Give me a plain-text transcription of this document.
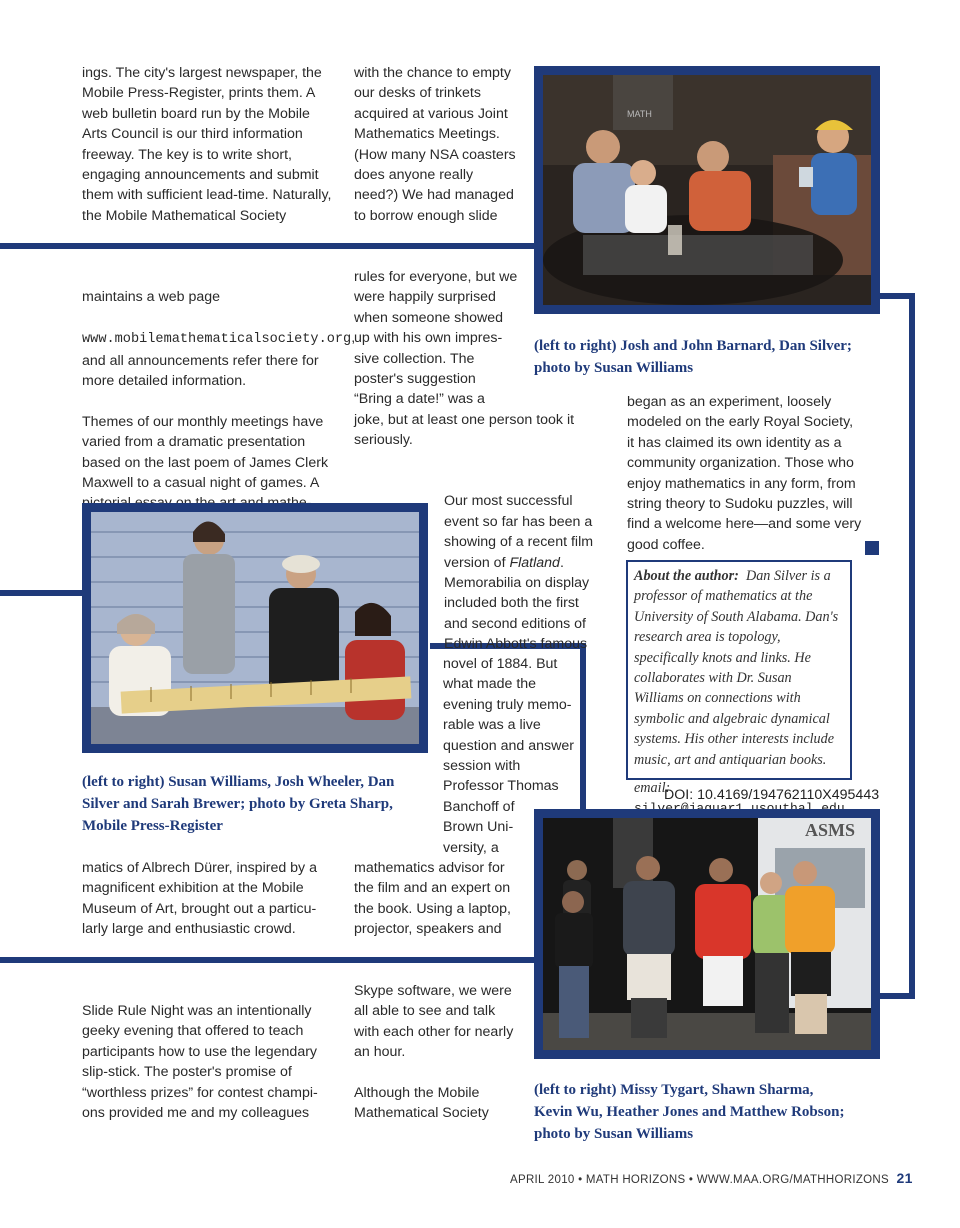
ings. The city's largest newspaper, the
Mobile Press-Register, prints them. A
web bulletin board run by the Mobile
Arts Council is our third information
freeway. The key is to write short,
engaging announcements and submit
them with sufficient lead-time. Naturally,
the Mobile Mathematical Society

maintains a web page

www.mobilemathematicalsociety.org,
and all announcements refer there for
more detailed information.

Themes of our monthly meetings have
varied from a dramatic presentation
based on the last poem of James Clerk
Maxwell to a casual night of games. A

matics of Albrech Dürer, inspired by a
magnificent exhibition at the Mobile
Museum of Art, brought out a particu-
larly large and enthusiastic crowd.
Slide Rule Night was an intentionally
geeky evening that offered to teach
participants how to use the legendary
slip-stick. The poster's promise of
“worthless prizes” for contest champi-
ons provided me and my colleagues
with the chance to empty
our desks of trinkets
acquired at various Joint
Mathematics Meetings.
(How many NSA coasters
does anyone really
need?) We had managed
to borrow enough slide
rules for everyone, but we
were happily surprised
when someone showed
up with his own impres-
sive collection. The
poster's suggestion
“Bring a date!” was a
joke, but at least one person took it
seriously.

Our most successful
event so far has been a
showing of a recent film
version of Flatland.
Memorabilia on display
included both the first
and second editions of
Edwin Abbott's famous

novel of 1884. But
what made the
evening truly memo-
rable was a live
question and answer
session with
Professor Thomas
Banchoff of
Brown Uni-
versity, a
mathematics advisor for
the film and an expert on
the book. Using a laptop,
projector, speakers and
Skype software, we were
all able to see and talk
with each other for nearly
an hour.

Although the Mobile
Mathematical Society
began as an experiment, loosely
modeled on the early Royal Society,
it has claimed its own identity as a
community organization. Those who
enjoy mathematics in any form, from
string theory to Sudoku puzzles, will
find a welcome here—and some very
good coffee.
MATH
(left to right) Josh and John Barnard, Dan Silver;
photo by Susan Williams
(left to right) Susan Williams, Josh Wheeler, Dan
Silver and Sarah Brewer; photo by Greta Sharp,
Mobile Press-Register
About the author: Dan Silver is a professor of mathematics at the University of South Alabama. Dan's research area is topology, specifically knots and links. He collaborates with Dr. Susan Williams on connections with symbolic and algebraic dynamical systems. His other interests include music, art and antiquarian books.
email:
DOI: 10.4169/194762110X495443
ASMS
(left to right) Missy Tygart, Shawn Sharma,
Kevin Wu, Heather Jones and Matthew Robson;
photo by Susan Williams
APRIL 2010 • MATH HORIZONS • WWW.MAA.ORG/MATHHORIZONS 21
